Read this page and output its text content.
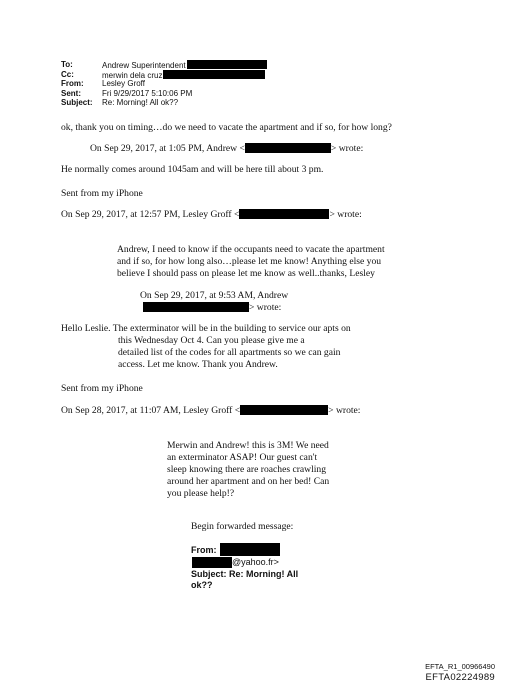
To:	Andrew Superintendent
Cc:	merwin dela cruz
From: Lesley Groff
Sent:	Fri 9/29/2017 5:10:06 PM
Subject: Re: Morning! All ok??
ok, thank you on timing…do we need to vacate the apartment and if so, for how long?
On Sep 29, 2017, at 1:05 PM, Andrew <	> wrote:
He normally comes around 1045am and will be here till about 3 pm.
Sent from my iPhone
On Sep 29, 2017, at 12:57 PM, Lesley Groff <	> wrote:
Andrew, I need to know if the occupants need to vacate the apartment
and if so, for how long also…please let me know! Anything else you
believe I should pass on please let me know as well..thanks, Lesley
On Sep 29, 2017, at 9:53 AM, Andrew
> wrote:
Hello Leslie. The exterminator will be in the building to service our apts on
this Wednesday Oct 4. Can you please give me a
detailed list of the codes for all apartments so we can gain
access. Let me know. Thank you Andrew.
Sent from my iPhone
On Sep 28, 2017, at 11:07 AM, Lesley Groff <	> wrote:
Merwin and Andrew! this is 3M! We need
an exterminator ASAP! Our guest can't
sleep knowing there are roaches crawling
around her apartment and on her bed! Can
you please help!?
Begin forwarded message:
From:
@yahoo.fr>
Subject: Re: Morning! All
ok??
EFTA_R1_00966490
EFTA02224989
